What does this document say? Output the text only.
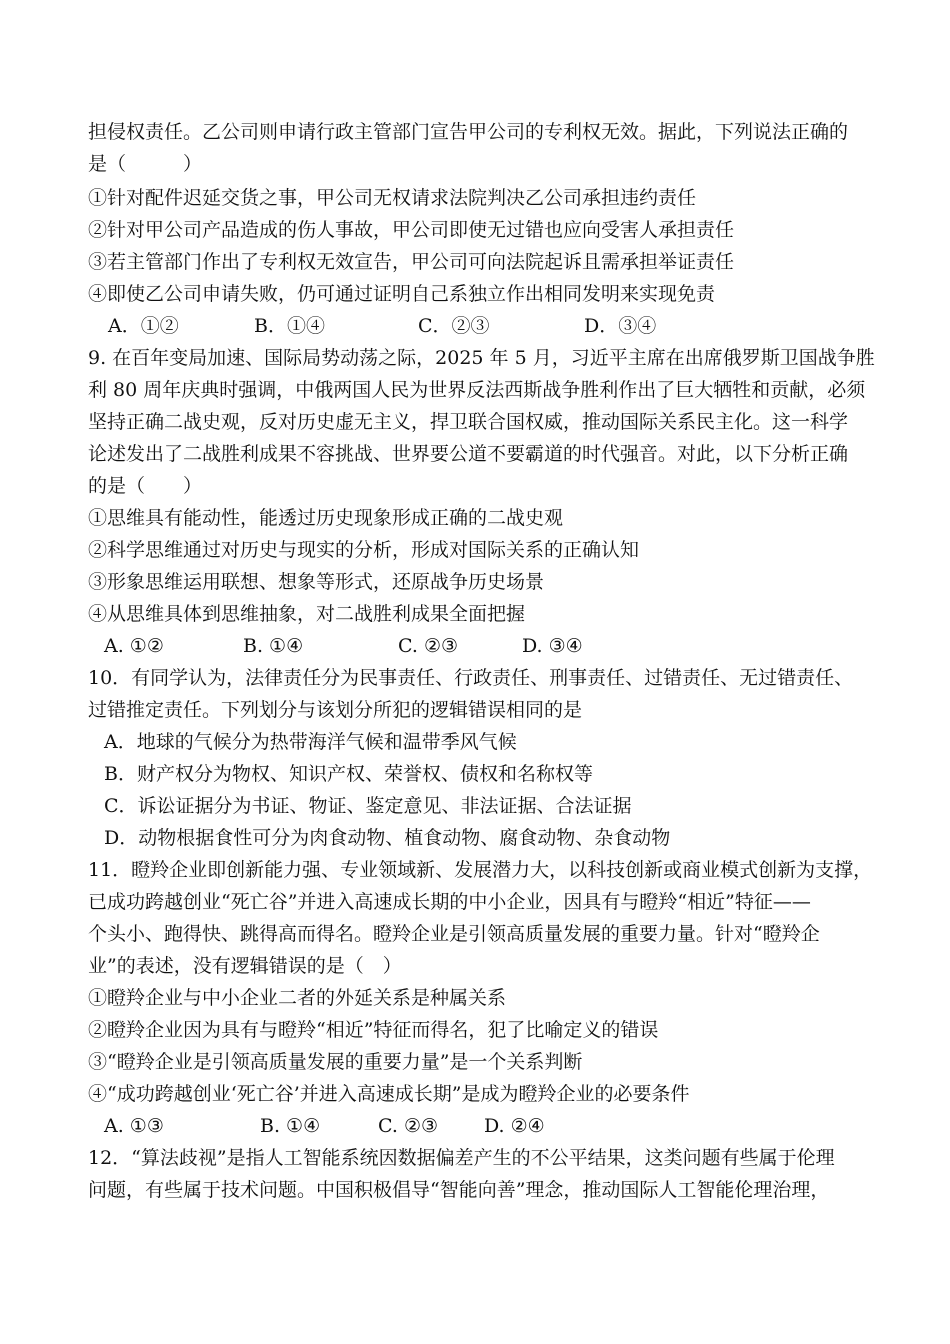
担侵权责任。乙公司则申请行政主管部门宣告甲公司的专利权无效。据此，下列说法正确的
是（　　　）
①针对配件迟延交货之事，甲公司无权请求法院判决乙公司承担违约责任
②针对甲公司产品造成的伤人事故，甲公司即使无过错也应向受害人承担责任
③若主管部门作出了专利权无效宣告，甲公司可向法院起诉且需承担举证责任
④即使乙公司申请失败，仍可通过证明自己系独立作出相同发明来实现免责
A．①②	B．①④	C．②③	D．③④
9. 在百年变局加速、国际局势动荡之际，2025 年 5 月，习近平主席在出席俄罗斯卫国战争胜
利 80 周年庆典时强调，中俄两国人民为世界反法西斯战争胜利作出了巨大牺牲和贡献，必须
坚持正确二战史观，反对历史虚无主义，捍卫联合国权威，推动国际关系民主化。这一科学
论述发出了二战胜利成果不容挑战、世界要公道不要霸道的时代强音。对此，以下分析正确
的是（　　）
①思维具有能动性，能透过历史现象形成正确的二战史观
②科学思维通过对历史与现实的分析，形成对国际关系的正确认知
③形象思维运用联想、想象等形式，还原战争历史场景
④从思维具体到思维抽象，对二战胜利成果全面把握
A. ①②	B. ①④	C. ②③	D. ③④
10．有同学认为，法律责任分为民事责任、行政责任、刑事责任、过错责任、无过错责任、
过错推定责任。下列划分与该划分所犯的逻辑错误相同的是
A．地球的气候分为热带海洋气候和温带季风气候
B．财产权分为物权、知识产权、荣誉权、债权和名称权等
C．诉讼证据分为书证、物证、鉴定意见、非法证据、合法证据
D．动物根据食性可分为肉食动物、植食动物、腐食动物、杂食动物
11．瞪羚企业即创新能力强、专业领域新、发展潜力大，以科技创新或商业模式创新为支撑，
已成功跨越创业“死亡谷”并进入高速成长期的中小企业，因具有与瞪羚“相近”特征——
个头小、跑得快、跳得高而得名。瞪羚企业是引领高质量发展的重要力量。针对“瞪羚企
业”的表述，没有逻辑错误的是（　）
①瞪羚企业与中小企业二者的外延关系是种属关系
②瞪羚企业因为具有与瞪羚“相近”特征而得名，犯了比喻定义的错误
③“瞪羚企业是引领高质量发展的重要力量”是一个关系判断
④“成功跨越创业‘死亡谷’并进入高速成长期”是成为瞪羚企业的必要条件
A. ①③	B. ①④	C. ②③ D. ②④
12．“算法歧视”是指人工智能系统因数据偏差产生的不公平结果，这类问题有些属于伦理
问题，有些属于技术问题。中国积极倡导“智能向善”理念，推动国际人工智能伦理治理，
